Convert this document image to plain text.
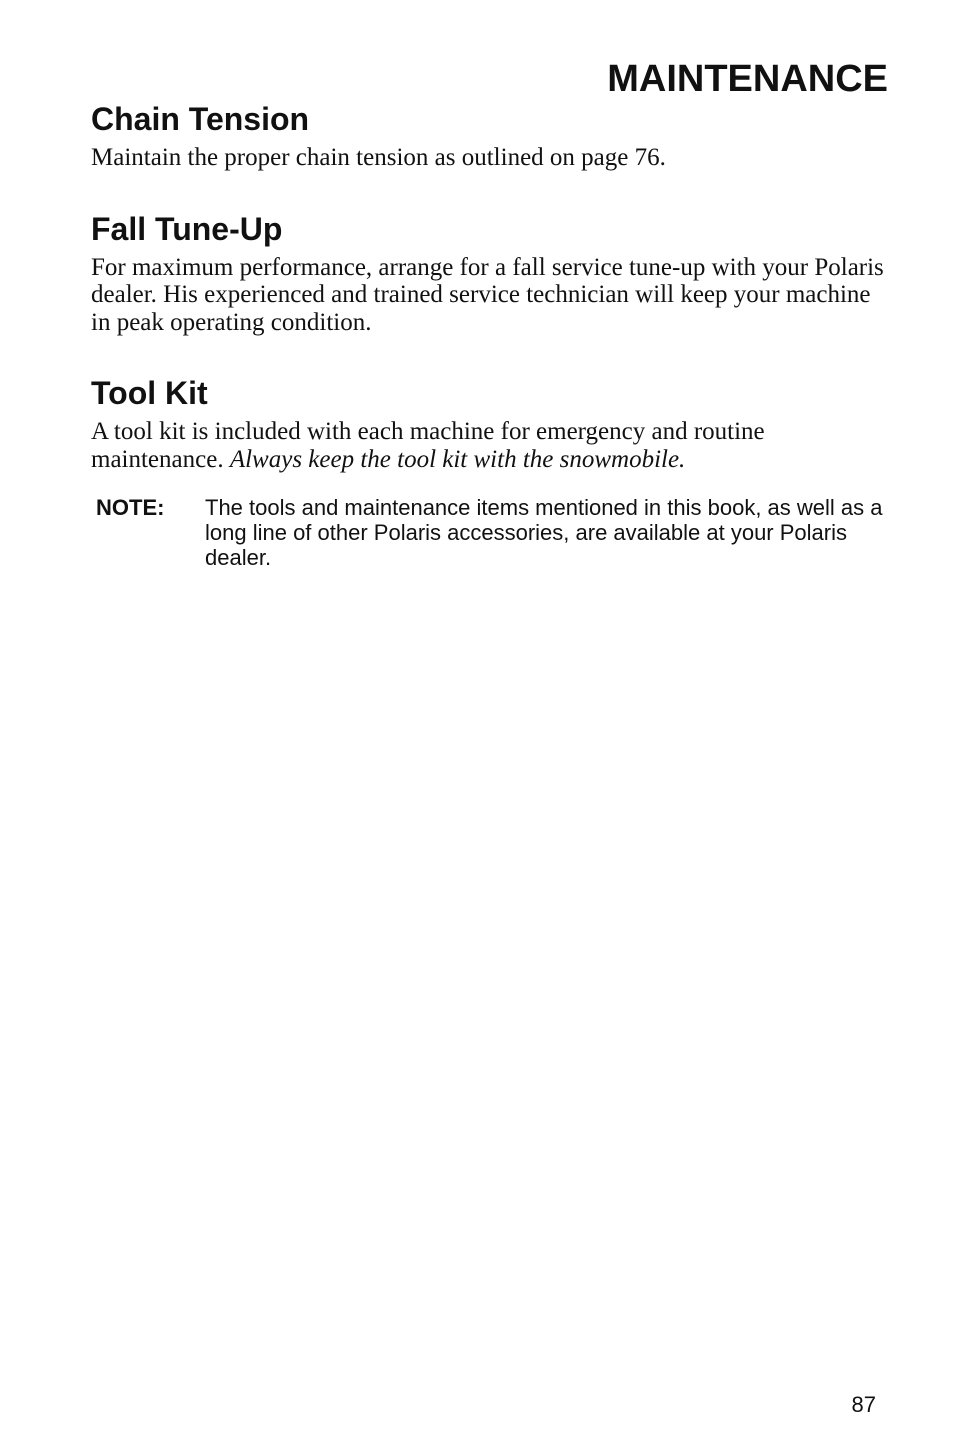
MAINTENANCE
Chain Tension

Maintain the proper chain tension as outlined on page 76.

Fall Tune-Up

For maximum performance, arrange for a fall service tune-up with your Polaris dealer. His experienced and trained service technician will keep your machine in peak operating condition.

Tool Kit

A tool kit is included with each machine for emergency and routine maintenance. Always keep the tool kit with the snowmobile.

NOTE:	The tools and maintenance items mentioned in this book, as well as a long line of other Polaris accessories, are available at your Polaris dealer.

87
